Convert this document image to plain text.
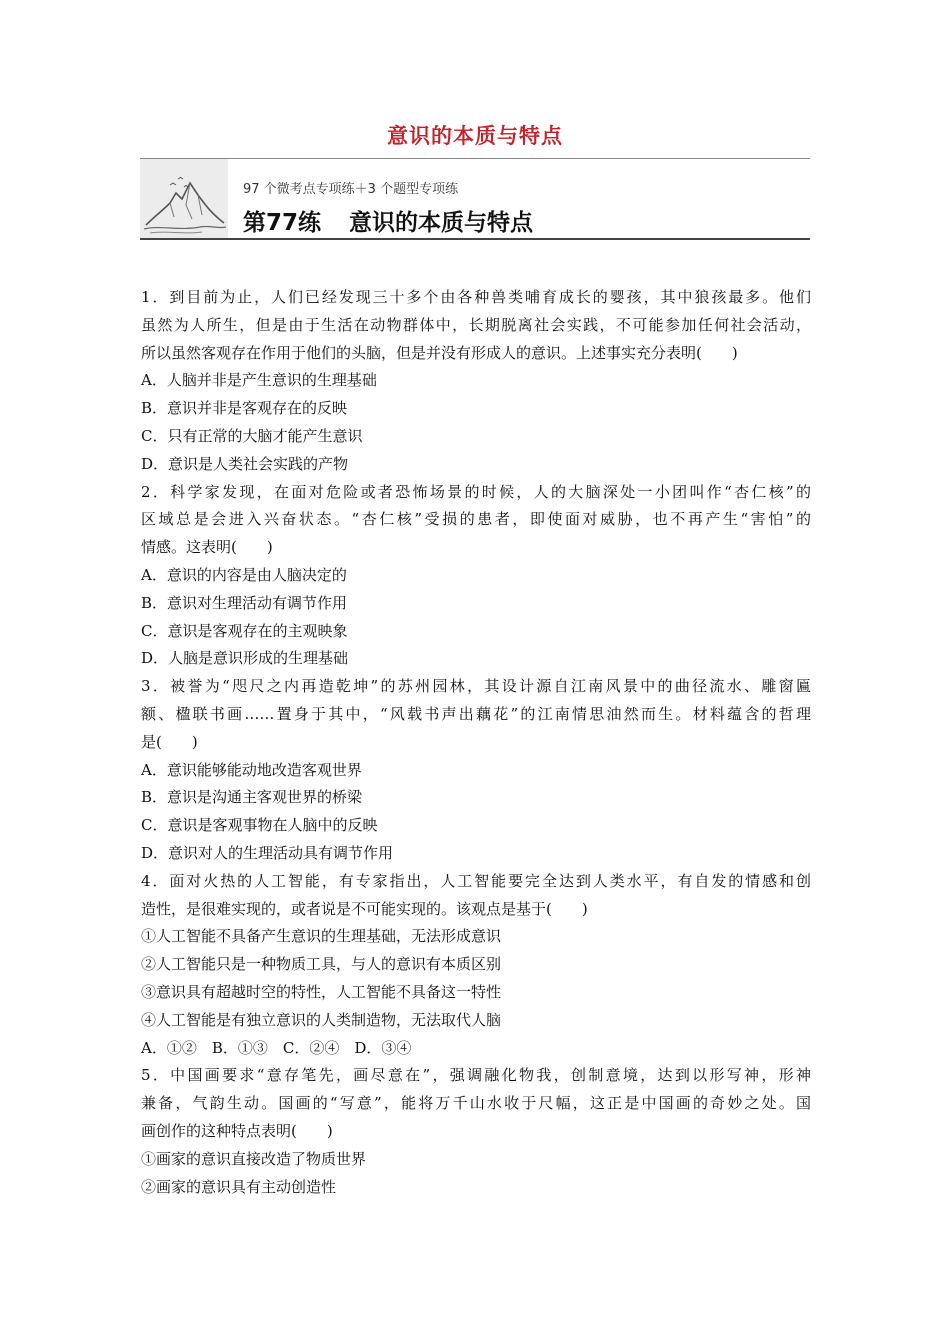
意识的本质与特点
97 个微考点专项练＋3 个题型专项练
第77练 意识的本质与特点
1．到目前为止，人们已经发现三十多个由各种兽类哺育成长的婴孩，其中狼孩最多。他们
虽然为人所生，但是由于生活在动物群体中，长期脱离社会实践，不可能参加任何社会活动，
所以虽然客观存在作用于他们的头脑，但是并没有形成人的意识。上述事实充分表明(　　)
A．人脑并非是产生意识的生理基础
B．意识并非是客观存在的反映
C．只有正常的大脑才能产生意识
D．意识是人类社会实践的产物
2．科学家发现，在面对危险或者恐怖场景的时候，人的大脑深处一小团叫作“杏仁核”的
区域总是会进入兴奋状态。“杏仁核”受损的患者，即使面对威胁，也不再产生“害怕”的
情感。这表明(　　)
A．意识的内容是由人脑决定的
B．意识对生理活动有调节作用
C．意识是客观存在的主观映象
D．人脑是意识形成的生理基础
3．被誉为“咫尺之内再造乾坤”的苏州园林，其设计源自江南风景中的曲径流水、雕窗匾
额、楹联书画……置身于其中，“风载书声出藕花”的江南情思油然而生。材料蕴含的哲理
是(　　)
A．意识能够能动地改造客观世界
B．意识是沟通主客观世界的桥梁
C．意识是客观事物在人脑中的反映
D．意识对人的生理活动具有调节作用
4．面对火热的人工智能，有专家指出，人工智能要完全达到人类水平，有自发的情感和创
造性，是很难实现的，或者说是不可能实现的。该观点是基于(　　)
①人工智能不具备产生意识的生理基础，无法形成意识
②人工智能只是一种物质工具，与人的意识有本质区别
③意识具有超越时空的特性，人工智能不具备这一特性
④人工智能是有独立意识的人类制造物，无法取代人脑
A．①②　B．①③　C．②④　D．③④
5．中国画要求“意存笔先，画尽意在”，强调融化物我，创制意境，达到以形写神，形神
兼备，气韵生动。国画的“写意”，能将万千山水收于尺幅，这正是中国画的奇妙之处。国
画创作的这种特点表明(　　)
①画家的意识直接改造了物质世界
②画家的意识具有主动创造性
